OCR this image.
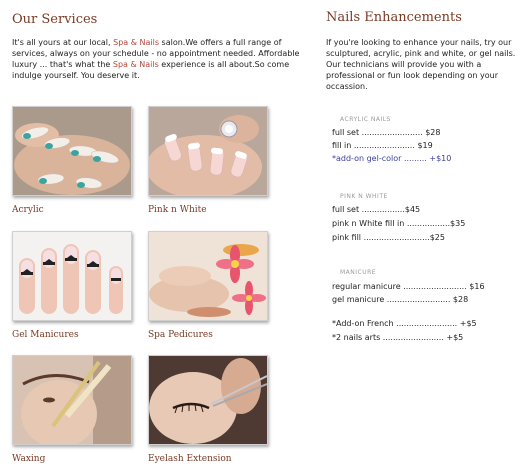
Our Services

It's all yours at our local, Spa & Nails salon.We offers a full range of services, always on your schedule - no appointment needed. Affordable luxury ... that's what the Spa & Nails experience is all about.So come indulge yourself. You deserve it.

Acrylic	Pink n White
Gel Manicures	Spa Pedicures
Waxing	Eyelash Extension
Nails Enhancements

If you're looking to enhance your nails, try our sculptured, acrylic, pink and white, or gel nails. Our technicians will provide you with a professional or fun look depending on your occassion.

ACRYLIC NAILS
full set ........................ $28
fill in ........................ $19
*add-on gel-color ......... +$10
PINK N WHITE
full set .................$45
pink n White fill in .................$35
pink fill ..........................$25
MANICURE
regular manicure ......................... $16
gel manicure ......................... $28
*Add-on French ........................ +$5
*2 nails arts ........................ +$5
